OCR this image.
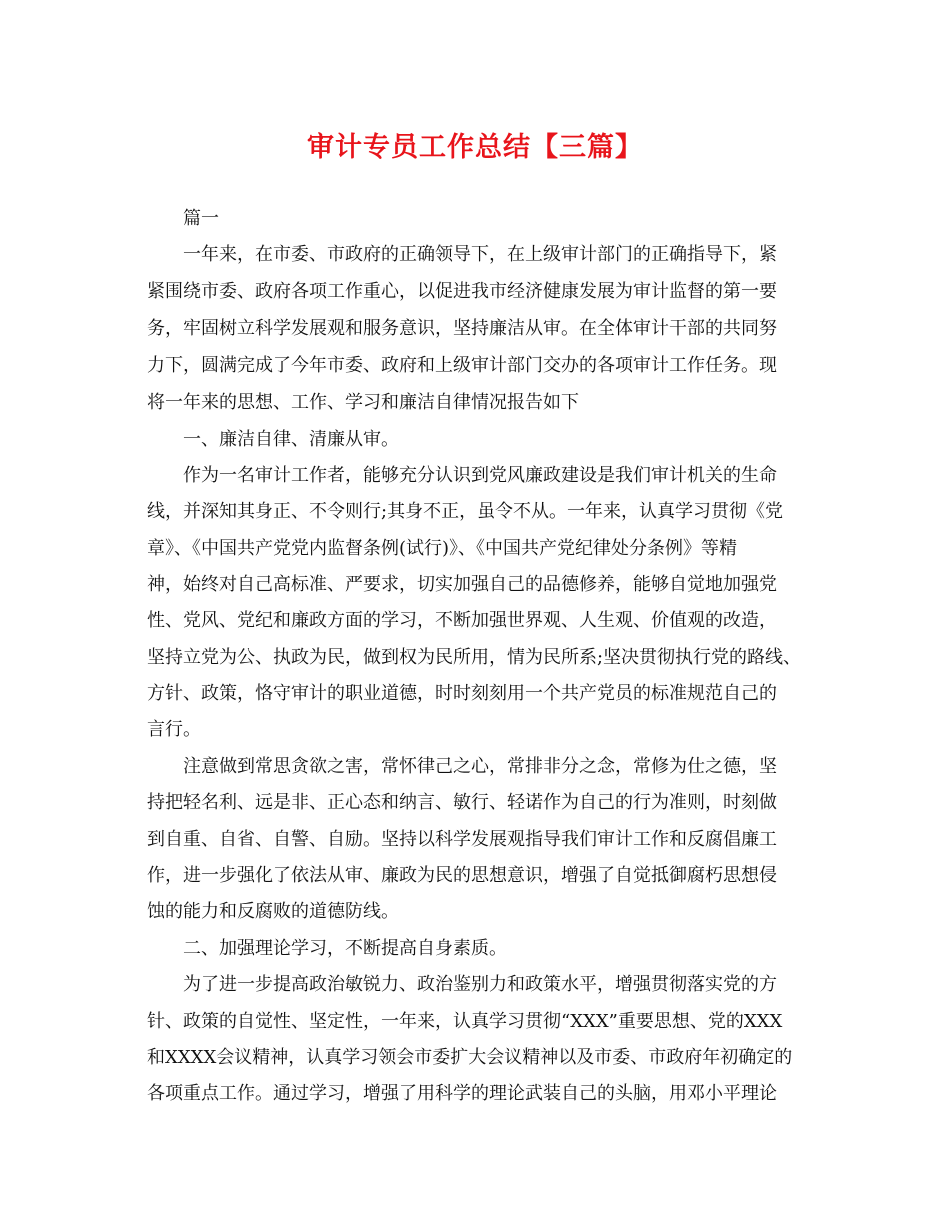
审计专员工作总结【三篇】
篇一
一年来，在市委、市政府的正确领导下，在上级审计部门的正确指导下，紧
紧围绕市委、政府各项工作重心，以促进我市经济健康发展为审计监督的第一要
务，牢固树立科学发展观和服务意识，坚持廉洁从审。在全体审计干部的共同努
力下，圆满完成了今年市委、政府和上级审计部门交办的各项审计工作任务。现
将一年来的思想、工作、学习和廉洁自律情况报告如下
一、廉洁自律、清廉从审。
作为一名审计工作者，能够充分认识到党风廉政建设是我们审计机关的生命
线，并深知其身正、不令则行;其身不正，虽令不从。一年来，认真学习贯彻《党
章》、《中国共产党党内监督条例(试行)》、《中国共产党纪律处分条例》等精
神，始终对自己高标准、严要求，切实加强自己的品德修养，能够自觉地加强党
性、党风、党纪和廉政方面的学习，不断加强世界观、人生观、价值观的改造，
坚持立党为公、执政为民，做到权为民所用，情为民所系;坚决贯彻执行党的路线、
方针、政策，恪守审计的职业道德，时时刻刻用一个共产党员的标准规范自己的
言行。
注意做到常思贪欲之害，常怀律己之心，常排非分之念，常修为仕之德，坚
持把轻名利、远是非、正心态和纳言、敏行、轻诺作为自己的行为准则，时刻做
到自重、自省、自警、自励。坚持以科学发展观指导我们审计工作和反腐倡廉工
作，进一步强化了依法从审、廉政为民的思想意识，增强了自觉抵御腐朽思想侵
蚀的能力和反腐败的道德防线。
二、加强理论学习，不断提高自身素质。
为了进一步提高政治敏锐力、政治鉴别力和政策水平，增强贯彻落实党的方
针、政策的自觉性、坚定性，一年来，认真学习贯彻“XXX”重要思想、党的XXX
和XXXX会议精神，认真学习领会市委扩大会议精神以及市委、市政府年初确定的
各项重点工作。通过学习，增强了用科学的理论武装自己的头脑，用邓小平理论
